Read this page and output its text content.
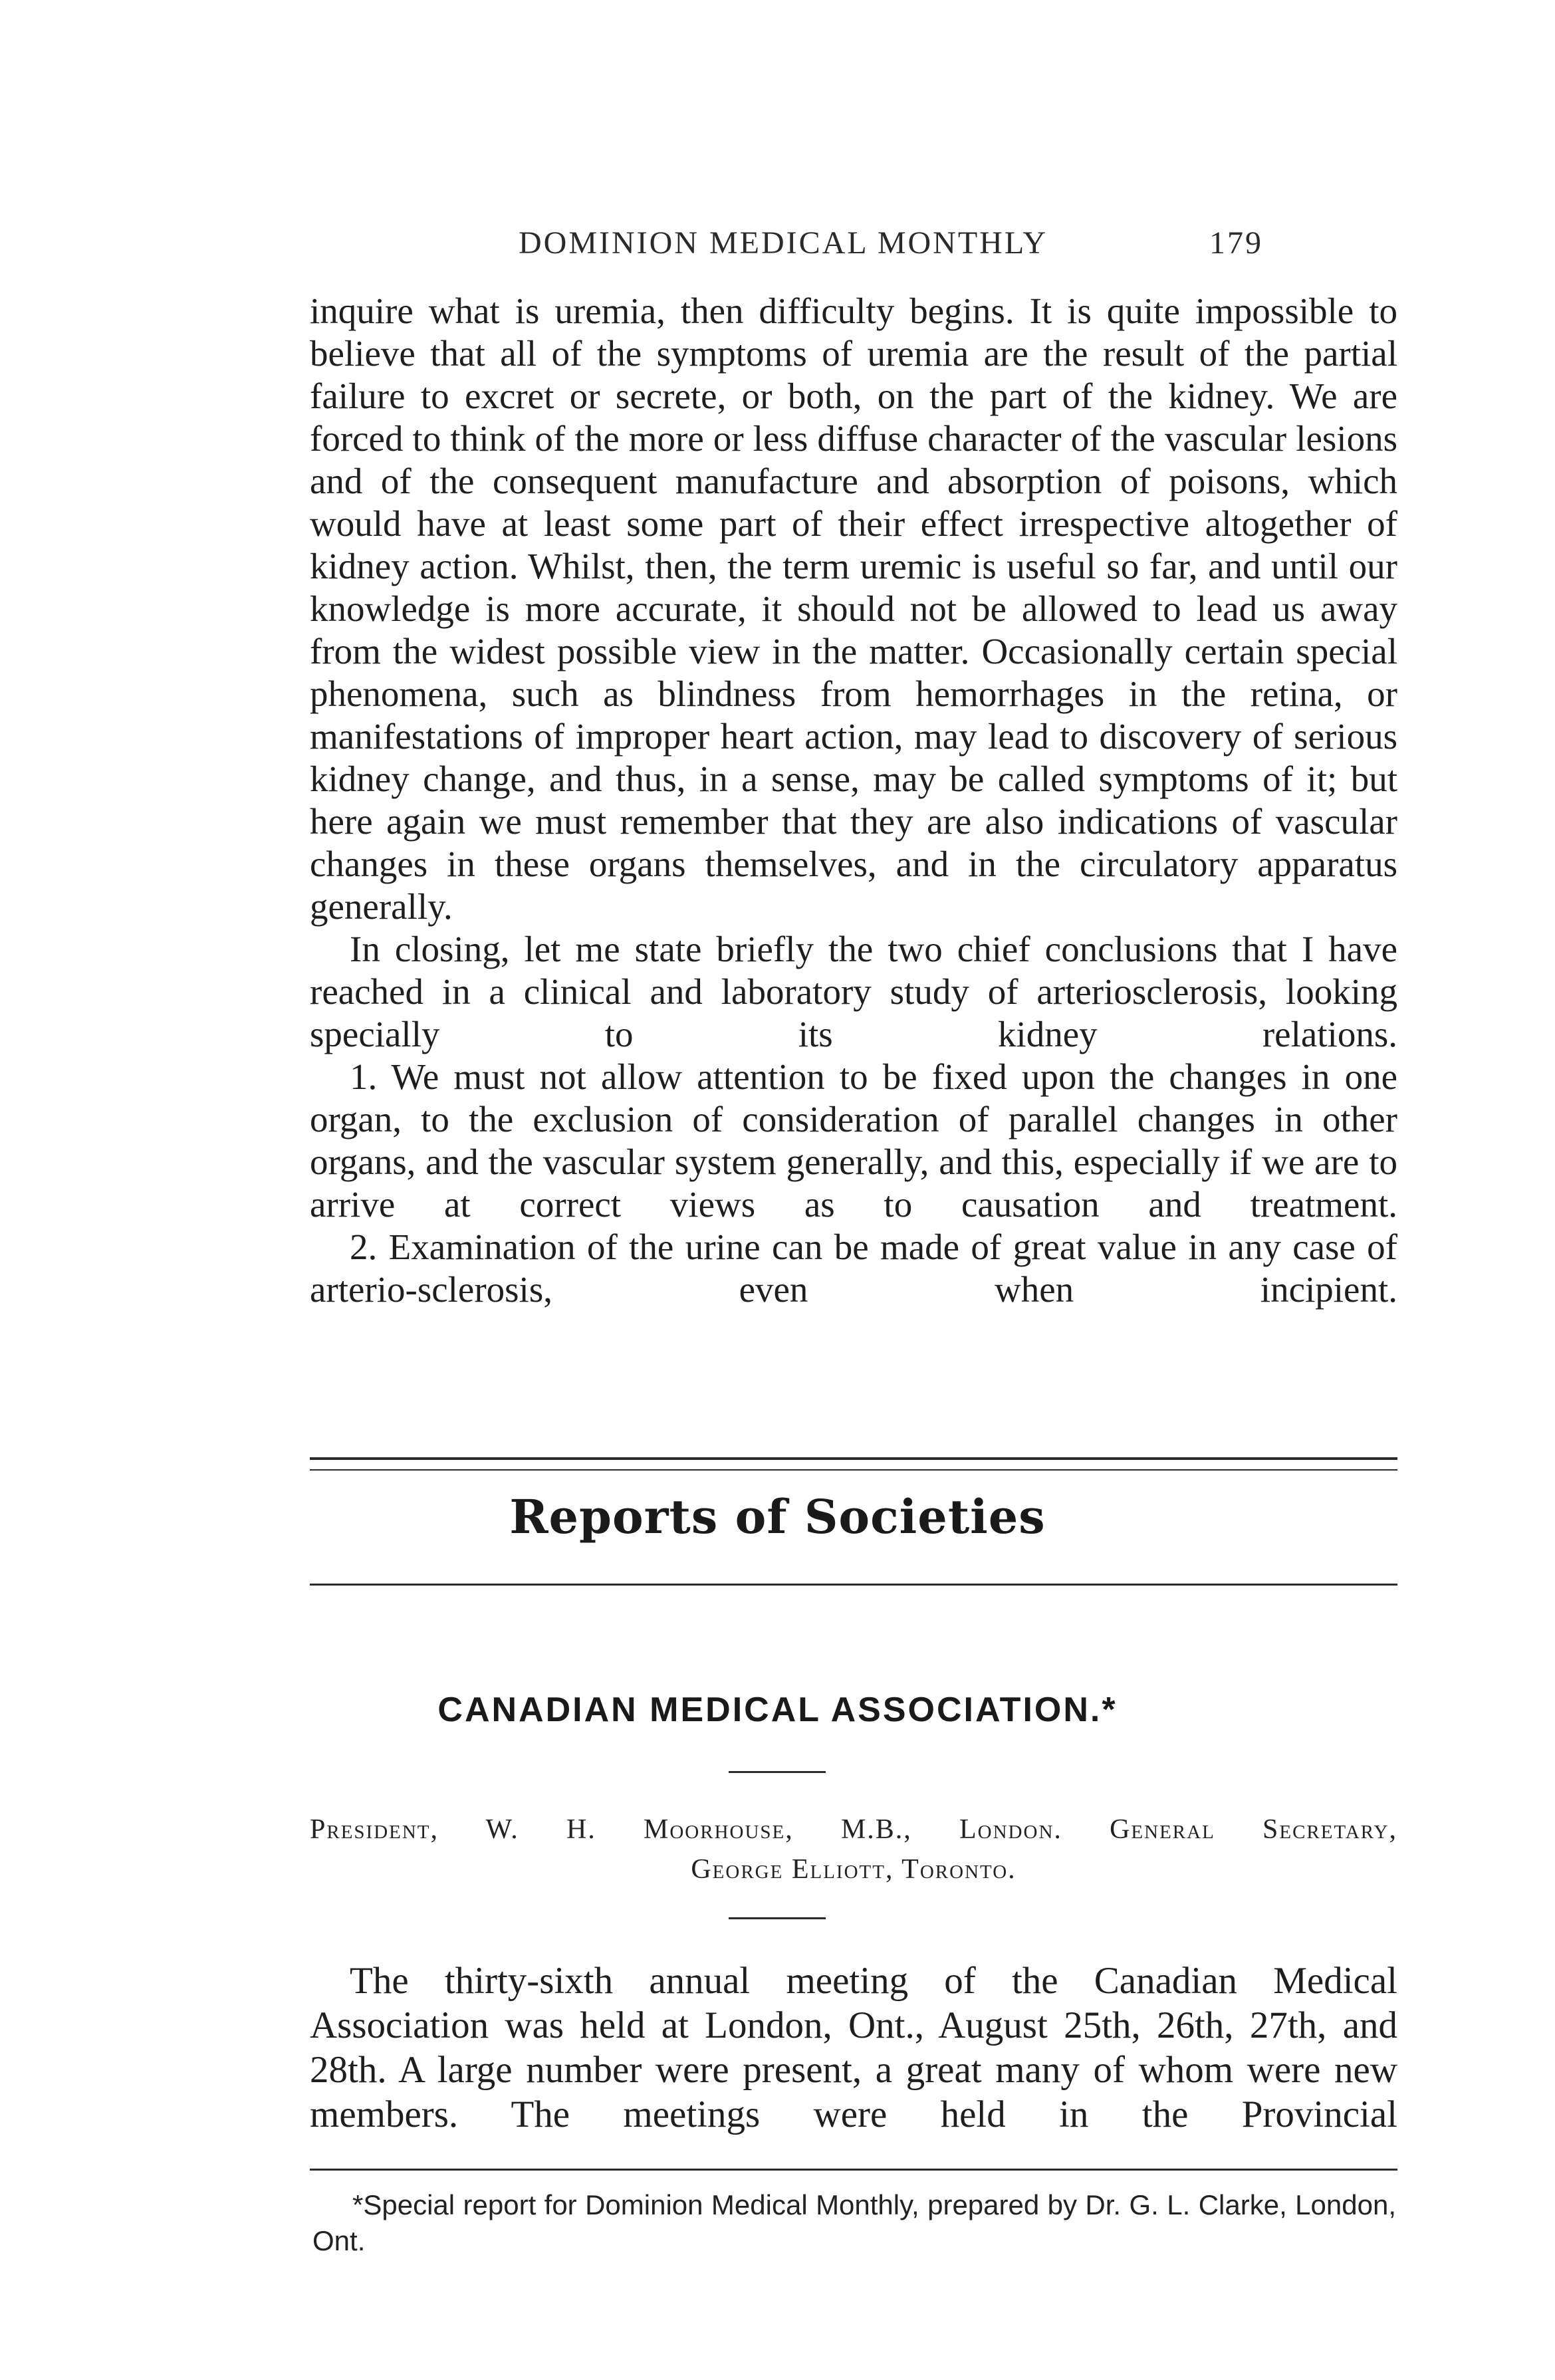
DOMINION MEDICAL MONTHLY	179

inquire what is uremia, then difficulty begins. It is quite impossible to believe that all of the symptoms of uremia are the result of the partial failure to excret or secrete, or both, on the part of the kidney. We are forced to think of the more or less diffuse character of the vascular lesions and of the consequent manufacture and absorption of poisons, which would have at least some part of their effect irrespective altogether of kidney action. Whilst, then, the term uremic is useful so far, and until our knowledge is more accurate, it should not be allowed to lead us away from the widest possible view in the matter. Occasionally certain special phenomena, such as blindness from hemorrhages in the retina, or manifestations of improper heart action, may lead to discovery of serious kidney change, and thus, in a sense, may be called symptoms of it; but here again we must remember that they are also indications of vascular changes in these organs themselves, and in the circulatory apparatus generally.

In closing, let me state briefly the two chief conclusions that I have reached in a clinical and laboratory study of arteriosclerosis, looking specially to its kidney relations.

1. We must not allow attention to be fixed upon the changes in one organ, to the exclusion of consideration of parallel changes in other organs, and the vascular system generally, and this, especially if we are to arrive at correct views as to causation and treatment.

2. Examination of the urine can be made of great value in any case of arterio-sclerosis, even when incipient.

Reports of Societies
CANADIAN MEDICAL ASSOCIATION.*
President, W. H. Moorhouse, M.B., London. General Secretary,
George Elliott, Toronto.

The thirty-sixth annual meeting of the Canadian Medical Association was held at London, Ont., August 25th, 26th, 27th, and 28th. A large number were present, a great many of whom were new members. The meetings were held in the Provincial

*Special report for Dominion Medical Monthly, prepared by Dr. G. L. Clarke, London, Ont.
